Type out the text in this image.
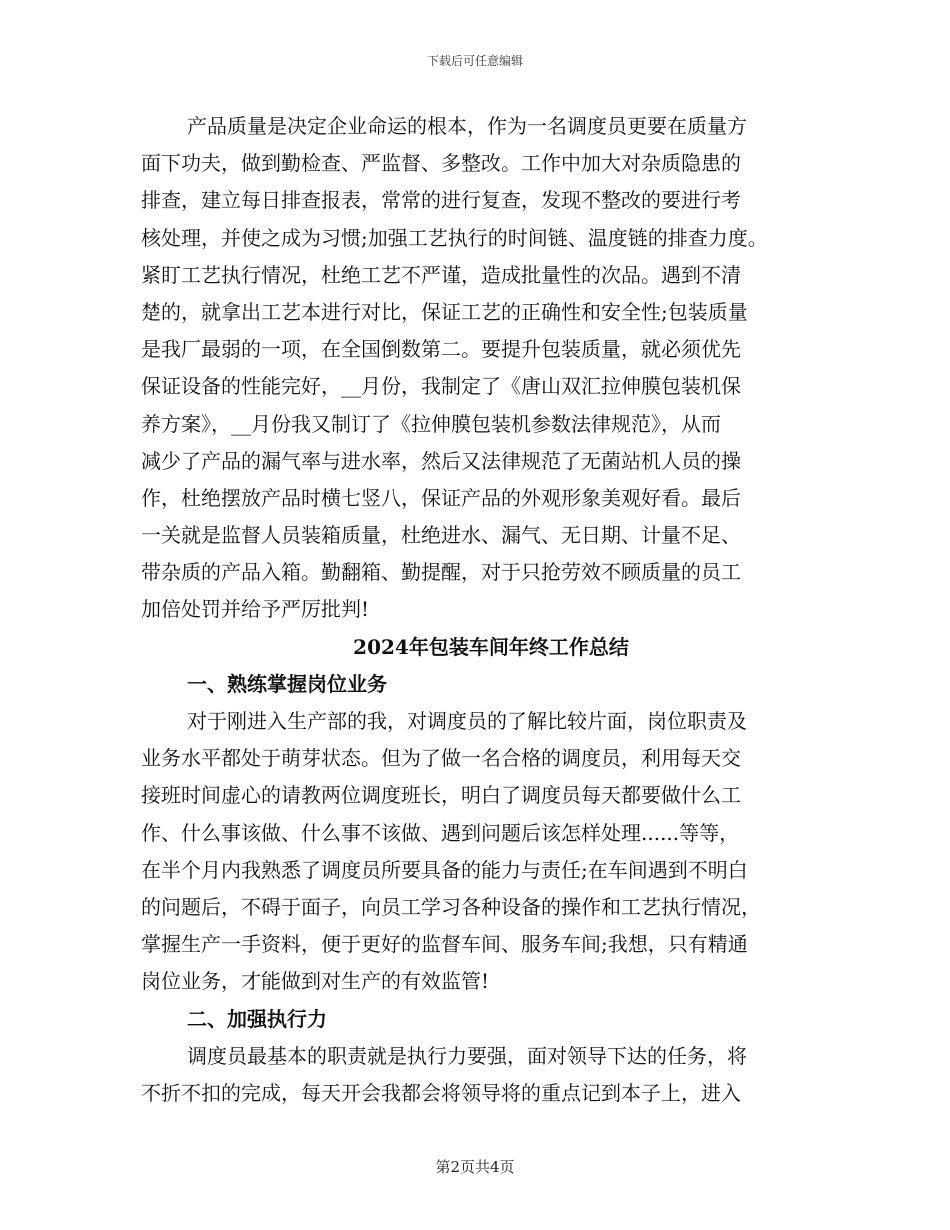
下载后可任意编辑
产品质量是决定企业命运的根本，作为一名调度员更要在质量方
面下功夫，做到勤检查、严监督、多整改。工作中加大对杂质隐患的
排查，建立每日排查报表，常常的进行复查，发现不整改的要进行考
核处理，并使之成为习惯;加强工艺执行的时间链、温度链的排查力度。
紧盯工艺执行情况，杜绝工艺不严谨，造成批量性的次品。遇到不清
楚的，就拿出工艺本进行对比，保证工艺的正确性和安全性;包装质量
是我厂最弱的一项，在全国倒数第二。要提升包装质量，就必须优先
保证设备的性能完好，__月份，我制定了《唐山双汇拉伸膜包装机保
养方案》，__月份我又制订了《拉伸膜包装机参数法律规范》，从而
减少了产品的漏气率与进水率，然后又法律规范了无菌站机人员的操
作，杜绝摆放产品时横七竖八，保证产品的外观形象美观好看。最后
一关就是监督人员装箱质量，杜绝进水、漏气、无日期、计量不足、
带杂质的产品入箱。勤翻箱、勤提醒，对于只抢劳效不顾质量的员工
加倍处罚并给予严厉批判!
2024年包装车间年终工作总结
一、熟练掌握岗位业务
对于刚进入生产部的我，对调度员的了解比较片面，岗位职责及
业务水平都处于萌芽状态。但为了做一名合格的调度员，利用每天交
接班时间虚心的请教两位调度班长，明白了调度员每天都要做什么工
作、什么事该做、什么事不该做、遇到问题后该怎样处理......等等，
在半个月内我熟悉了调度员所要具备的能力与责任;在车间遇到不明白
的问题后，不碍于面子，向员工学习各种设备的操作和工艺执行情况，
掌握生产一手资料，便于更好的监督车间、服务车间;我想，只有精通
岗位业务，才能做到对生产的有效监管!
二、加强执行力
调度员最基本的职责就是执行力要强，面对领导下达的任务，将
不折不扣的完成，每天开会我都会将领导将的重点记到本子上，进入
第2页共4页
